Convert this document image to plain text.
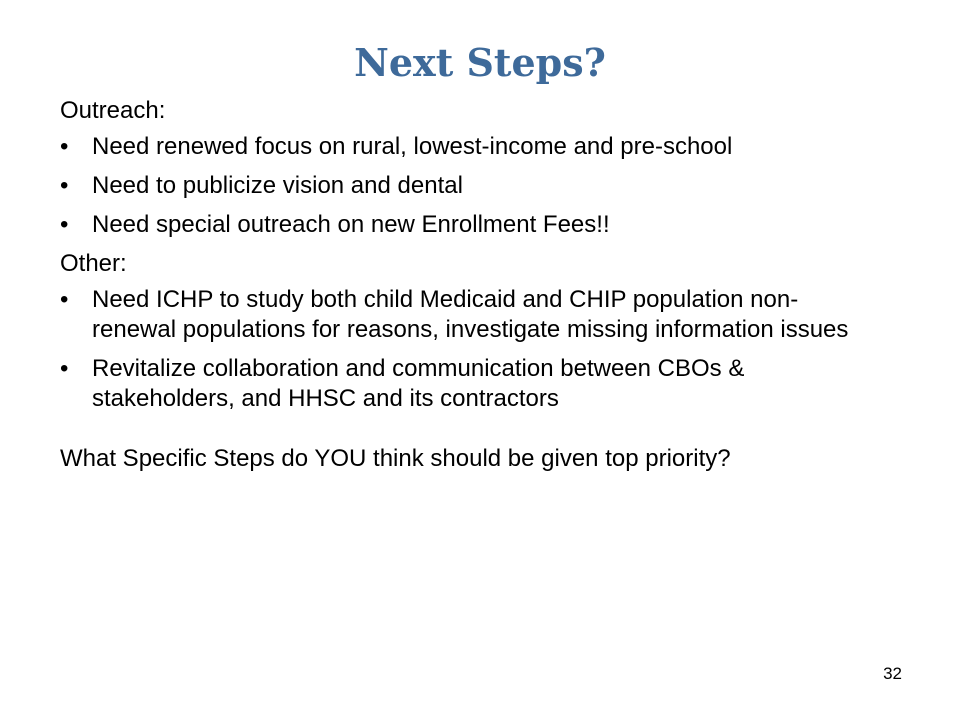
Next Steps?
Outreach:
• Need renewed focus on rural, lowest-income and pre-school
• Need to publicize vision and dental
• Need special outreach on new Enrollment Fees!!
Other:
• Need ICHP to study both child Medicaid and CHIP population non-renewal populations for reasons, investigate missing information issues
• Revitalize collaboration and communication between CBOs & stakeholders, and HHSC and its contractors
What Specific Steps do YOU think should be given top priority?
32
